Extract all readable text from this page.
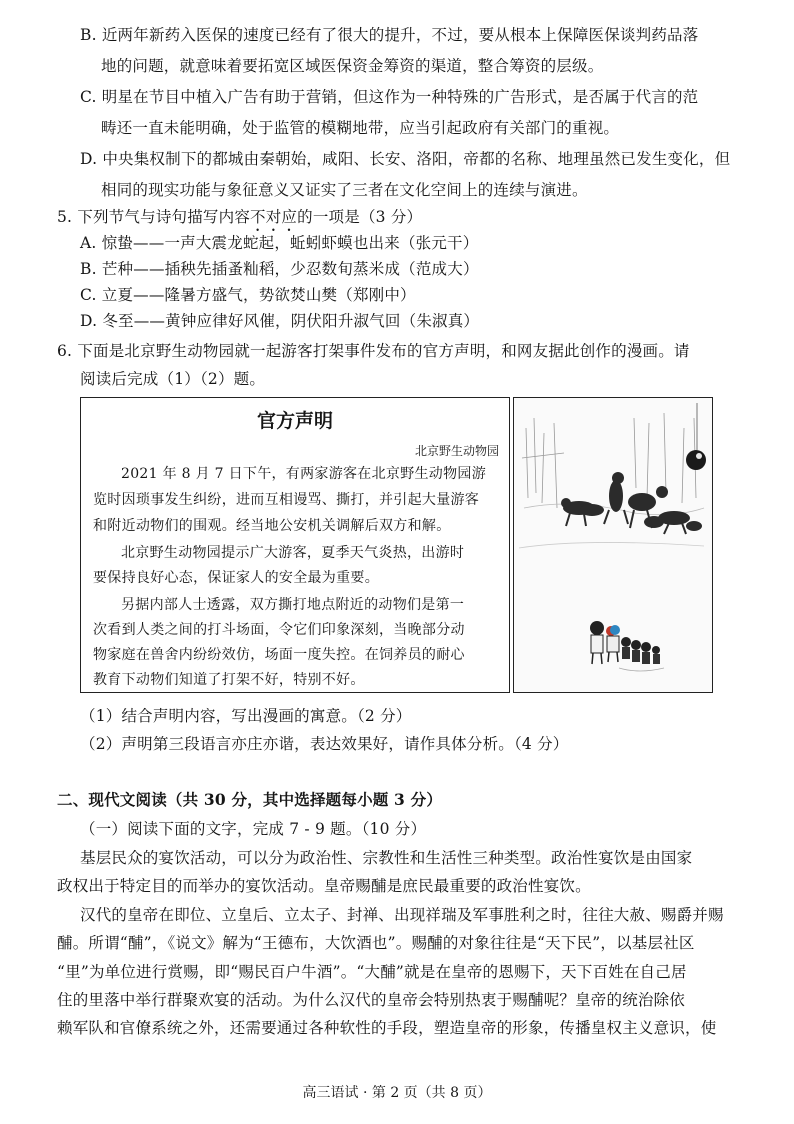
B. 近两年新药入医保的速度已经有了很大的提升，不过，要从根本上保障医保谈判药品落
地的问题，就意味着要拓宽区域医保资金筹资的渠道，整合筹资的层级。
C. 明星在节目中植入广告有助于营销，但这作为一种特殊的广告形式，是否属于代言的范
畴还一直未能明确，处于监管的模糊地带，应当引起政府有关部门的重视。
D. 中央集权制下的都城由秦朝始，咸阳、长安、洛阳，帝都的名称、地理虽然已发生变化，但
相同的现实功能与象征意义又证实了三者在文化空间上的连续与演进。
5. 下列节气与诗句描写内容不对应的一项是（3 分）
A. 惊蛰——一声大震龙蛇起，蚯蚓虾蟆也出来（张元干）
B. 芒种——插秧先插蚤籼稻，少忍数旬蒸米成（范成大）
C. 立夏——隆暑方盛气，势欲焚山樊（郑刚中）
D. 冬至——黄钟应律好风催，阴伏阳升淑气回（朱淑真）
6. 下面是北京野生动物园就一起游客打架事件发布的官方声明，和网友据此创作的漫画。请
阅读后完成（1）（2）题。
官方声明
北京野生动物园
2021 年 8 月 7 日下午，有两家游客在北京野生动物园游
览时因琐事发生纠纷，进而互相谩骂、撕打，并引起大量游客
和附近动物们的围观。经当地公安机关调解后双方和解。
北京野生动物园提示广大游客，夏季天气炎热，出游时
要保持良好心态，保证家人的安全最为重要。
另据内部人士透露，双方撕打地点附近的动物们是第一
次看到人类之间的打斗场面，令它们印象深刻，当晚部分动
物家庭在兽舍内纷纷效仿，场面一度失控。在饲养员的耐心
教育下动物们知道了打架不好，特别不好。
（1）结合声明内容，写出漫画的寓意。（2 分）
（2）声明第三段语言亦庄亦谐，表达效果好，请作具体分析。（4 分）
二、现代文阅读（共 30 分，其中选择题每小题 3 分）
（一）阅读下面的文字，完成 7 - 9 题。（10 分）
基层民众的宴饮活动，可以分为政治性、宗教性和生活性三种类型。政治性宴饮是由国家
政权出于特定目的而举办的宴饮活动。皇帝赐酺是庶民最重要的政治性宴饮。
汉代的皇帝在即位、立皇后、立太子、封禅、出现祥瑞及军事胜利之时，往往大赦、赐爵并赐
酺。所谓“酺”，《说文》解为“王德布，大饮酒也”。赐酺的对象往往是“天下民”，以基层社区
“里”为单位进行赏赐，即“赐民百户牛酒”。“大酺”就是在皇帝的恩赐下，天下百姓在自己居
住的里落中举行群聚欢宴的活动。为什么汉代的皇帝会特别热衷于赐酺呢？皇帝的统治除依
赖军队和官僚系统之外，还需要通过各种软性的手段，塑造皇帝的形象，传播皇权主义意识，使
高三语试 · 第 2 页（共 8 页）
